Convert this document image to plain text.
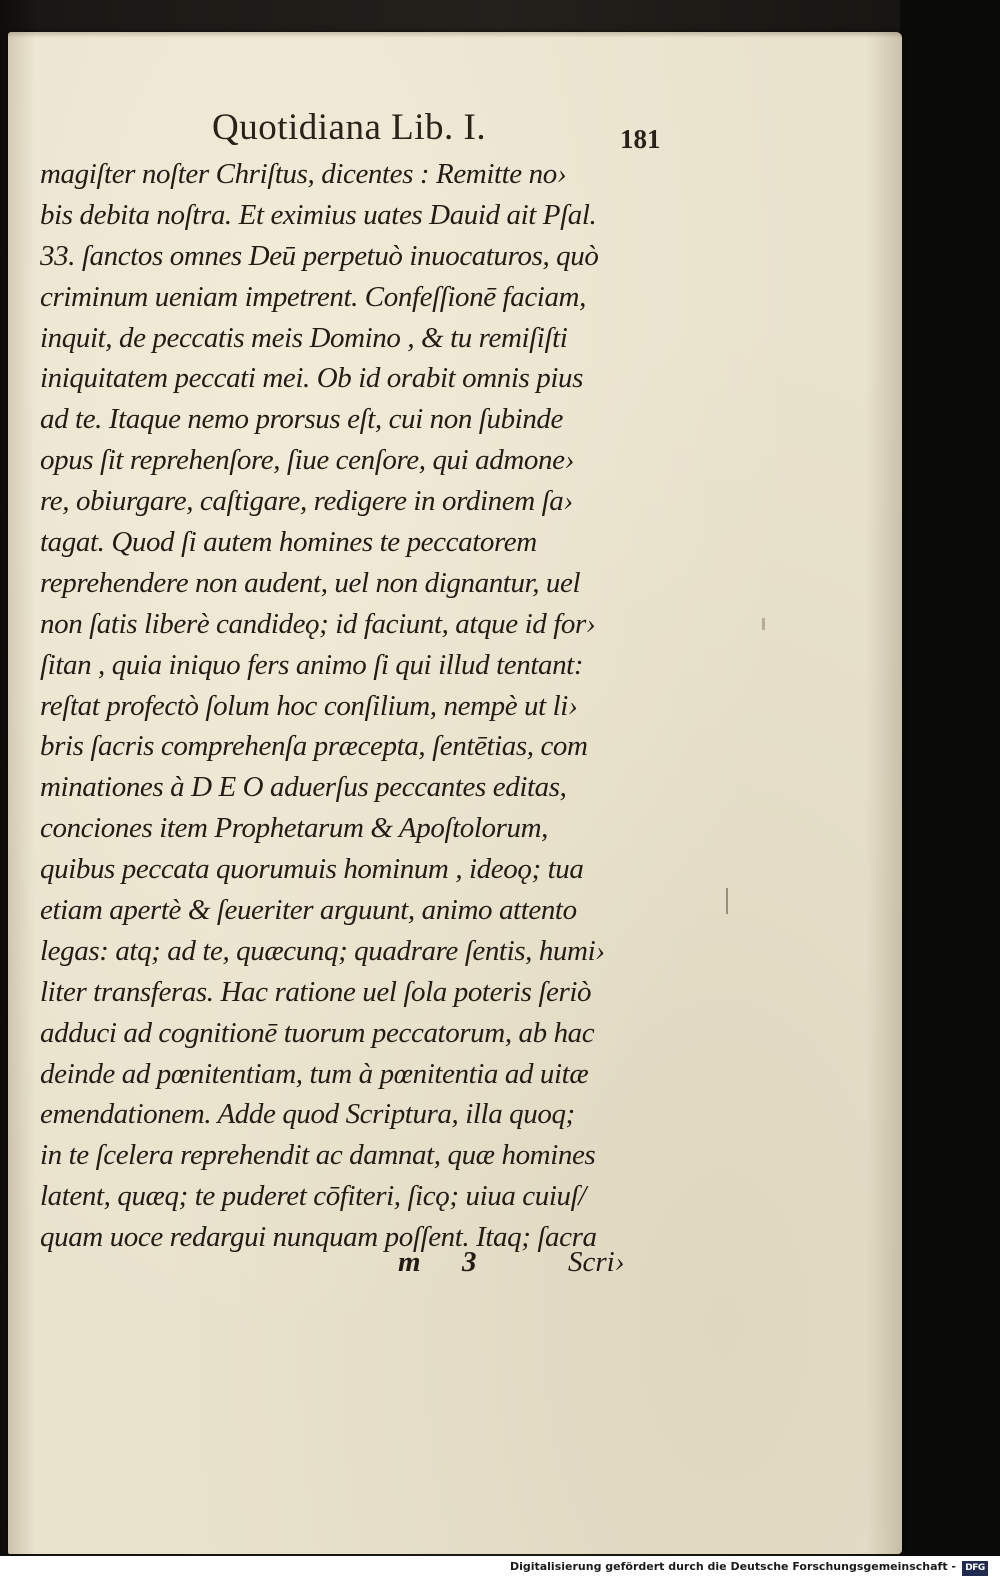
Quotidiana Lib. I.	181
magiſter noſter Chriſtus, dicentes : Remitte no›
bis debita noſtra. Et eximius uates Dauid ait Pſal.
33. ſanctos omnes Deū perpetuò inuocaturos, quò
criminum ueniam impetrent. Confeſſionē faciam,
inquit, de peccatis meis Domino , & tu remiſiſti
iniquitatem peccati mei. Ob id orabit omnis pius
ad te. Itaque nemo prorsus eſt, cui non ſubinde
opus ſit reprehenſore, ſiue cenſore, qui admone›
re, obiurgare, caſtigare, redigere in ordinem ſa›
tagat. Quod ſi autem homines te peccatorem
reprehendere non audent, uel non dignantur, uel
non ſatis liberè candideǫ; id faciunt, atque id for›
ſitan , quia iniquo fers animo ſi qui illud tentant:
reſtat profectò ſolum hoc conſilium, nempè ut li›
bris ſacris comprehenſa præcepta, ſentētias, com
minationes à D E O aduerſus peccantes editas,
conciones item Prophetarum & Apoſtolorum,
quibus peccata quorumuis hominum , ideoǫ; tua
etiam apertè & ſeueriter arguunt, animo attento
legas: atq; ad te, quæcunq; quadrare ſentis, humi›
liter transferas. Hac ratione uel ſola poteris ſeriò
adduci ad cognitionē tuorum peccatorum, ab hac
deinde ad pœnitentiam, tum à pœnitentia ad uitæ
emendationem. Adde quod Scriptura, illa quoq;
in te ſcelera reprehendit ac damnat, quæ homines
latent, quæq; te puderet cōfiteri, ſicǫ; uiua cuiuſ/
quam uoce redargui nunquam poſſent. Itaq; ſacra
m 3	Scri›
Digitalisierung gefördert durch die Deutsche Forschungsgemeinschaft -	DFG
